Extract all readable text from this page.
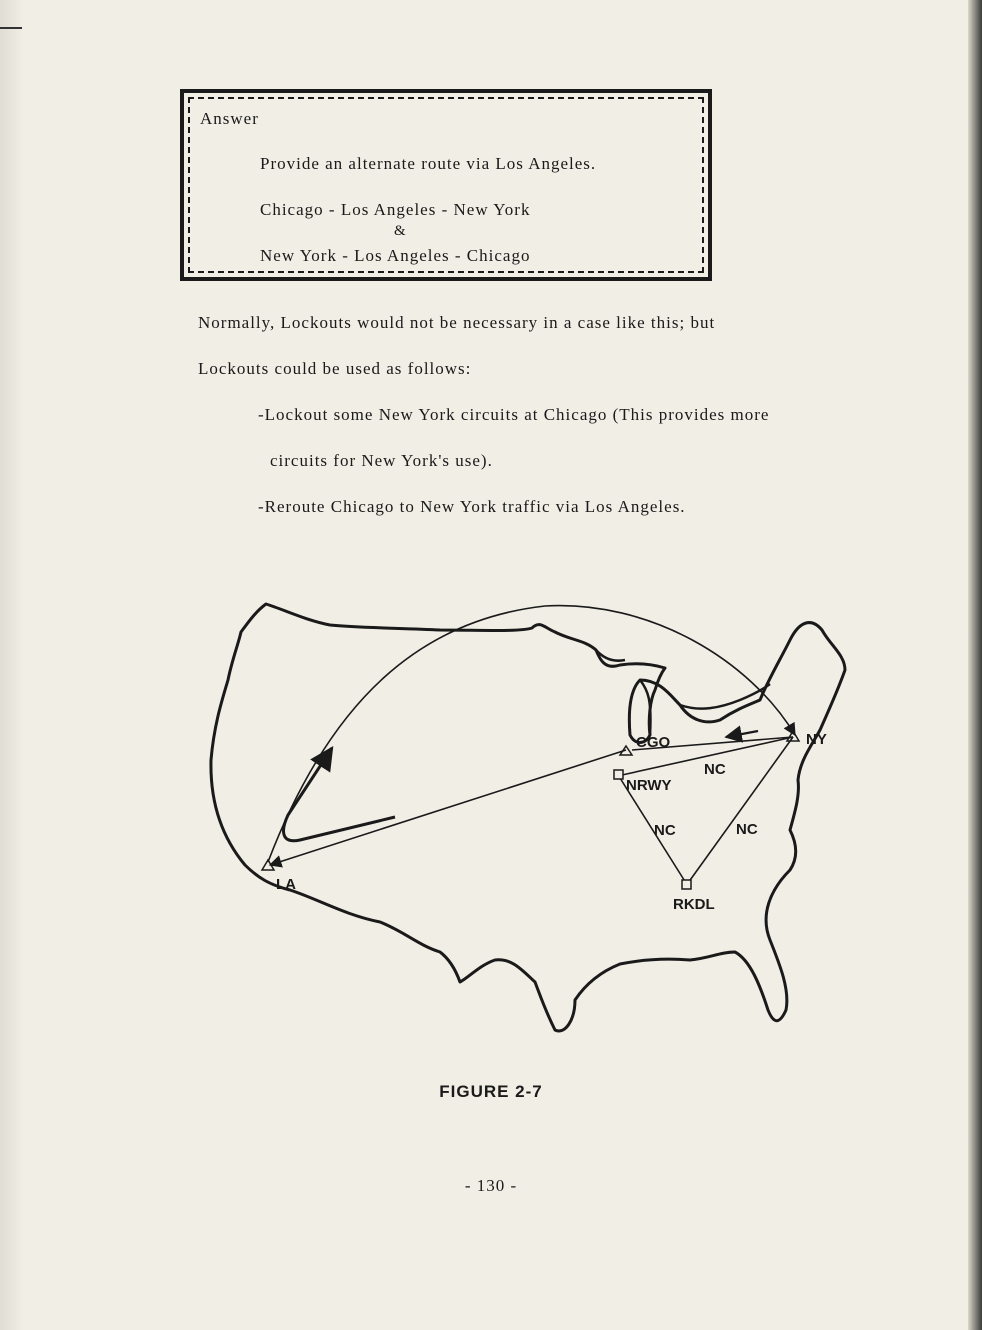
Answer
Provide an alternate route via Los Angeles.
Chicago - Los Angeles - New York
&
New York - Los Angeles - Chicago
Normally, Lockouts would not be necessary in a case like this; but
Lockouts could be used as follows:
-Lockout some New York circuits at Chicago (This provides more
circuits for New York's use).
-Reroute Chicago to New York traffic via Los Angeles.
CGO	NY
NRWY
RKDL
LA
NC
NC	NC
FIGURE 2-7
- 130 -
